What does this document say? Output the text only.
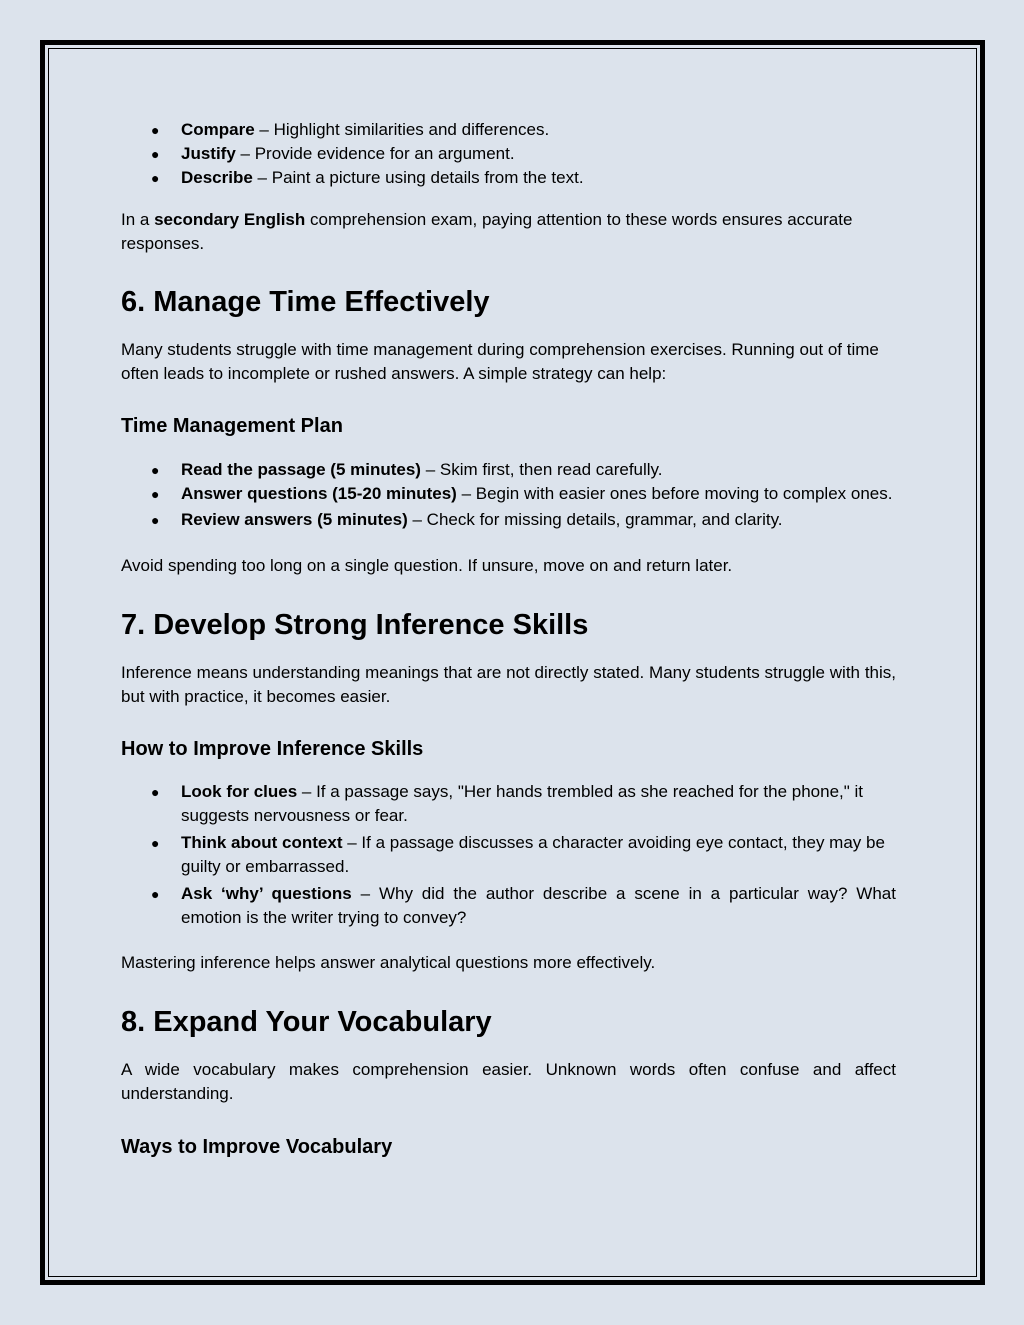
● Compare – Highlight similarities and differences.
● Justify – Provide evidence for an argument.
● Describe – Paint a picture using details from the text.

In a secondary English comprehension exam, paying attention to these words ensures accurate responses.

6. Manage Time Effectively

Many students struggle with time management during comprehension exercises. Running out of time often leads to incomplete or rushed answers. A simple strategy can help:

Time Management Plan
● Read the passage (5 minutes) – Skim first, then read carefully.
● Answer questions (15-20 minutes) – Begin with easier ones before moving to complex ones.
● Review answers (5 minutes) – Check for missing details, grammar, and clarity.

Avoid spending too long on a single question. If unsure, move on and return later.

7. Develop Strong Inference Skills

Inference means understanding meanings that are not directly stated. Many students struggle with this, but with practice, it becomes easier.

How to Improve Inference Skills
● Look for clues – If a passage says, "Her hands trembled as she reached for the phone," it suggests nervousness or fear.
● Think about context – If a passage discusses a character avoiding eye contact, they may be guilty or embarrassed.
● Ask ‘why’ questions – Why did the author describe a scene in a particular way? What emotion is the writer trying to convey?

Mastering inference helps answer analytical questions more effectively.

8. Expand Your Vocabulary

A wide vocabulary makes comprehension easier. Unknown words often confuse and affect understanding.

Ways to Improve Vocabulary
